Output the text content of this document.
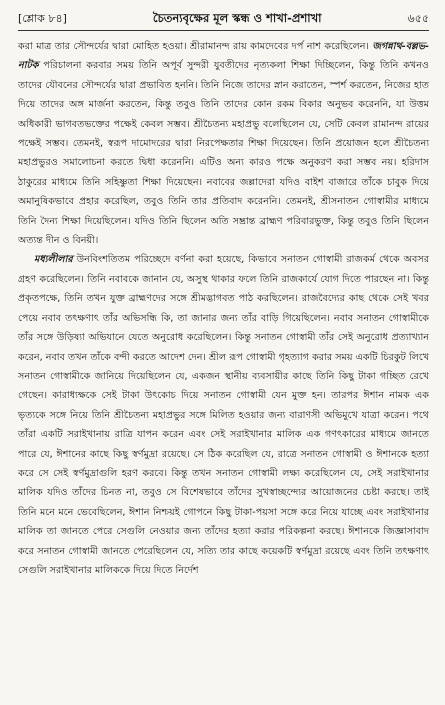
[শ্লোক ৮৪]	চৈতন্যবৃক্ষের মূল স্কন্ধ ও শাখা-প্রশাখা	৬৫৫

করা মাত্র তার সৌন্দর্যের দ্বারা মোহিত হওয়া। শ্রীরামানন্দ রায় কামদেবের দর্প নাশ করেছিলেন। জগন্নাথ-বল্লভ-নাটক পরিচালনা করবার সময় তিনি অপূর্ব সুন্দরী যুবতীদের নৃত্যকলা শিক্ষা দিচ্ছিলেন, কিন্তু তিনি কখনও তাদের যৌবনের সৌন্দর্যের দ্বারা প্রভাবিত হননি। তিনি নিজে তাদের স্নান করাতেন, স্পর্শ করতেন, নিজের হাত দিয়ে তাদের অঙ্গ মার্জনা করতেন, কিন্তু তবুও তিনি তাদের কোন রকম বিকার অনুভব করেননি, যা উত্তম অধিকারী ভাগবতভক্তের পক্ষেই কেবল সম্ভব। শ্রীচৈতন্য মহাপ্রভু বলেছিলেন যে, সেটি কেবল রামানন্দ রায়ের পক্ষেই সম্ভব। তেমনই, স্বরূপ দামোদরের দ্বারা নিরপেক্ষতার শিক্ষা দিয়েছেন। তিনি প্রয়োজন হলে শ্রীচৈতন্য মহাপ্রভুরও সমালোচনা করতে দ্বিধা করেননি। এটিও অন্য কারও পক্ষে অনুকরণ করা সম্ভব নয়। হরিদাস ঠাকুরের মাধ্যমে তিনি সহিষ্ণুতা শিক্ষা দিয়েছেন। নবাবের জল্লাদেরা যদিও বাইশ বাজারে তাঁকে চাবুক দিয়ে অমানুষিকভাবে প্রহার করেছিল, তবুও তিনি তার প্রতিবাদ করেননি। তেমনই, শ্রীসনাতন গোস্বামীর মাধ্যমে তিনি দৈন্য শিক্ষা দিয়েছিলেন। যদিও তিনি ছিলেন অতি সম্ভ্রান্ত ব্রাহ্মণ পরিবারভুক্ত, কিন্তু তবুও তিনি ছিলেন অত্যন্ত দীন ও বিনয়ী।

মধ্যলীলার উনবিংশতিতম পরিচ্ছেদে বর্ণনা করা হয়েছে, কিভাবে সনাতন গোস্বামী রাজকর্ম থেকে অবসর গ্রহণ করেছিলেন। তিনি নবাবকে জানান যে, অসুস্থ থাকার ফলে তিনি রাজকার্যে যোগ দিতে পারছেন না। কিন্তু প্রকৃতপক্ষে, তিনি তখন যুক্ত ব্রাহ্মণদের সঙ্গে শ্রীমদ্ভাগবত পাঠ করছিলেন। রাজবৈদ্যের কাছ থেকে সেই খবর পেয়ে নবাব তৎক্ষণাৎ তাঁর অভিসন্ধি কি, তা জানার জন্য তাঁর বাড়ি গিয়েছিলেন। নবাব সনাতন গোস্বামীকে তাঁর সঙ্গে উড়িষ্যা অভিযানে যেতে অনুরোধ করেছিলেন। কিন্তু সনাতন গোস্বামী তাঁর সেই অনুরোধ প্রত্যাখ্যান করেন, নবাব তখন তাঁকে বন্দী করতে আদেশ দেন। শ্রীল রূপ গোস্বামী গৃহত্যাগ করার সময় একটি চিরকুট লিখে সনাতন গোস্বামীকে জানিয়ে দিয়েছিলেন যে, একজন স্থানীয় ব্যবসায়ীর কাছে তিনি কিছু টাকা গচ্ছিত রেখে গেছেন। কারাধ্যক্ষকে সেই টাকা উৎকোচ দিয়ে সনাতন গোস্বামী যেন মুক্ত হন। তারপর ঈশান নামক এক ভৃত্যকে সঙ্গে নিয়ে তিনি শ্রীচৈতন্য মহাপ্রভুর সঙ্গে মিলিত হওয়ার জন্য বারাণসী অভিমুখে যাত্রা করেন। পথে তাঁরা একটি সরাইখানায় রাত্রি যাপন করেন এবং সেই সরাইখানার মালিক এক গণৎকারের মাধ্যমে জানতে পারে যে, ঈশানের কাছে কিছু স্বর্ণমুদ্রা রয়েছে। সে ঠিক করেছিল যে, রাত্রে সনাতন গোস্বামী ও ঈশানকে হত্যা করে সে সেই স্বর্ণমুদ্রাগুলি হরণ করবে। কিন্তু তখন সনাতন গোস্বামী লক্ষ্য করেছিলেন যে, সেই সরাইখানার মালিক যদিও তাঁদের চিনত না, তবুও সে বিশেষভাবে তাঁদের সুখস্বাচ্ছন্দ্যের আয়োজনের চেষ্টা করছে। তাই তিনি মনে মনে ভেবেছিলেন, ঈশান নিশ্চয়ই গোপনে কিছু টাকা-পয়সা সঙ্গে করে নিয়ে যাচ্ছে এবং সরাইখানার মালিক তা জানতে পেরে সেগুলি নেওয়ার জন্য তাঁদের হত্যা করার পরিকল্পনা করছে। ঈশানকে জিজ্ঞাসাবাদ করে সনাতন গোস্বামী জানতে পেরেছিলেন যে, সত্যি তার কাছে কয়েকটি স্বর্ণমুদ্রা রয়েছে এবং তিনি তৎক্ষণাৎ সেগুলি সরাইখানার মালিককে দিয়ে দিতে নির্দেশ
